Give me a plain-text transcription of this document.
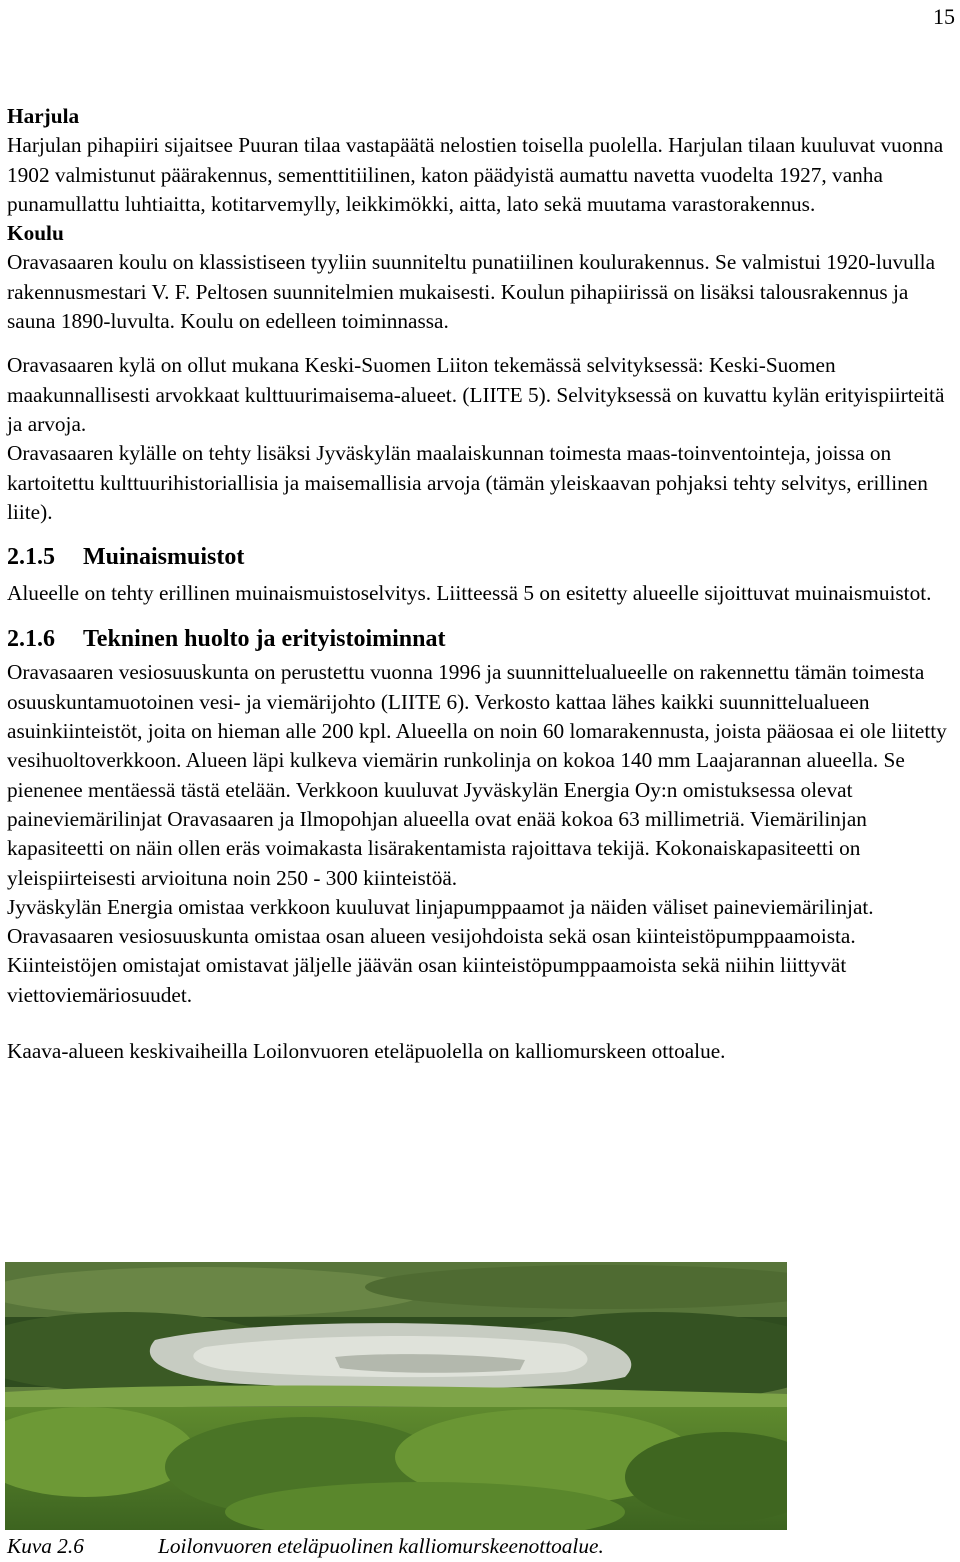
15

Harjula

Harjulan pihapiiri sijaitsee Puuran tilaa vastapäätä nelostien toisella puolella. Harjulan tilaan kuuluvat vuonna 1902 valmistunut päärakennus, sementtitiilinen, katon päädyistä aumattu navetta vuodelta 1927, vanha punamullattu luhtiaitta, kotitarvemylly, leikkimökki, aitta, lato sekä muutama varastorakennus.

Koulu

Oravasaaren koulu on klassistiseen tyyliin suunniteltu punatiilinen koulurakennus. Se valmistui 1920-luvulla rakennusmestari V. F. Peltosen suunnitelmien mukaisesti. Koulun pihapiirissä on lisäksi talousrakennus ja sauna 1890-luvulta. Koulu on edelleen toiminnassa.

Oravasaaren kylä on ollut mukana Keski-Suomen Liiton tekemässä selvityksessä: Keski-Suomen maakunnallisesti arvokkaat kulttuurimaisema-alueet. (LIITE 5). Selvityksessä on kuvattu kylän erityispiirteitä ja arvoja.

Oravasaaren kylälle on tehty lisäksi Jyväskylän maalaiskunnan toimesta maas-toinventointeja, joissa on kartoitettu kulttuurihistoriallisia ja maisemallisia arvoja (tämän yleiskaavan pohjaksi tehty selvitys, erillinen liite).

2.1.5 Muinaismuistot

Alueelle on tehty erillinen muinaismuistoselvitys. Liitteessä 5 on esitetty alueelle sijoittuvat muinaismuistot.

2.1.6 Tekninen huolto ja erityistoiminnat

Oravasaaren vesiosuuskunta on perustettu vuonna 1996 ja suunnittelualueelle on rakennettu tämän toimesta osuuskuntamuotoinen vesi- ja viemärijohto (LIITE 6). Verkosto kattaa lähes kaikki suunnittelualueen asuinkiinteistöt, joita on hieman alle 200 kpl. Alueella on noin 60 lomarakennusta, joista pääosaa ei ole liitetty vesihuoltoverkkoon. Alueen läpi kulkeva viemärin runkolinja on kokoa 140 mm Laajarannan alueella. Se pienenee mentäessä tästä etelään. Verkkoon kuuluvat Jyväskylän Energia Oy:n omistuksessa olevat paineviemärilinjat Oravasaaren ja Ilmopohjan alueella ovat enää kokoa 63 millimetriä. Viemärilinjan kapasiteetti on näin ollen eräs voimakasta lisärakentamista rajoittava tekijä. Kokonaiskapasiteetti on yleispiirteisesti arvioituna noin 250 - 300 kiinteistöä.

Jyväskylän Energia omistaa verkkoon kuuluvat linjapumppaamot ja näiden väliset paineviemärilinjat. Oravasaaren vesiosuuskunta omistaa osan alueen vesijohdoista sekä osan kiinteistöpumppaamoista. Kiinteistöjen omistajat omistavat jäljelle jäävän osan kiinteistöpumppaamoista sekä niihin liittyvät viettoviemäriosuudet.

Kaava-alueen keskivaiheilla Loilonvuoren eteläpuolella on kalliomurskeen ottoalue.

Kuva 2.6	Loilonvuoren eteläpuolinen kalliomurskeenottoalue.
